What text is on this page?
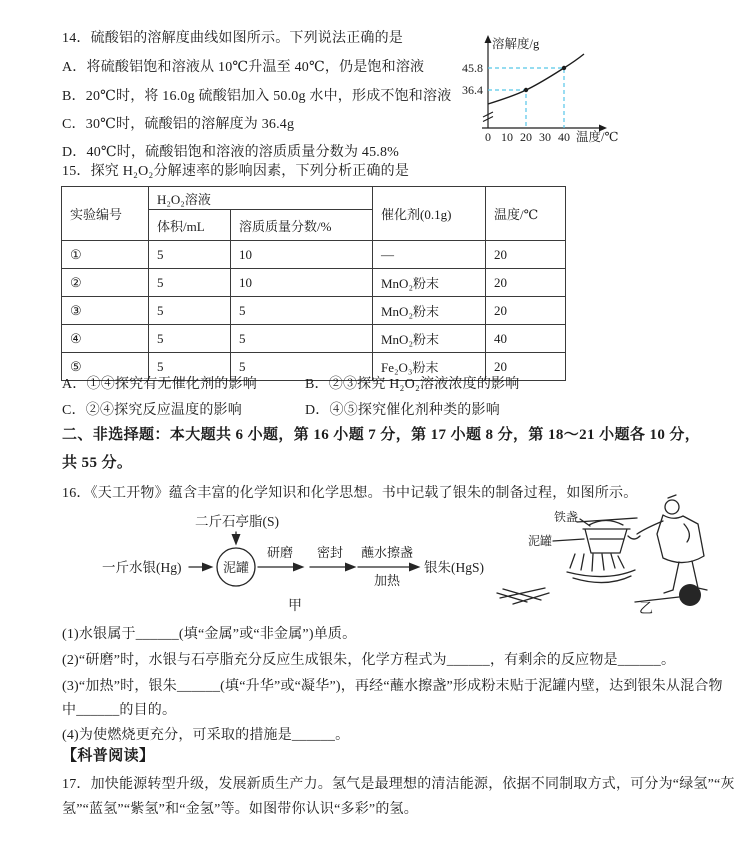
14．硫酸铝的溶解度曲线如图所示。下列说法正确的是
A．将硫酸铝饱和溶液从 10℃升温至 40℃，仍是饱和溶液
B．20℃时，将 16.0g 硫酸铝加入 50.0g 水中，形成不饱和溶液
C．30℃时，硫酸铝的溶解度为 36.4g
D．40℃时，硫酸铝饱和溶液的溶质质量分数为 45.8%
溶解度/g
45.8
36.4
0 10 20 30 40 温度/℃
15．探究 H₂O₂分解速率的影响因素，下列分析正确的是
实验编号	H₂O₂溶液		催化剂(0.1g)	温度/℃
	体积/mL	溶质质量分数/%		
①	5	10	—	20
②	5	10	MnO₂粉末	20
③	5	5	MnO₂粉末	20
④	5	5	MnO₂粉末	40
⑤	5	5	Fe₂O₃粉末	20
A．①④探究有无催化剂的影响	B．②③探究 H₂O₂溶液浓度的影响
C．②④探究反应温度的影响	D．④⑤探究催化剂种类的影响
二、非选择题：本大题共 6 小题，第 16 小题 7 分，第 17 小题 8 分，第 18～21 小题各 10 分，
共 55 分。
16．《天工开物》蕴含丰富的化学知识和化学思想。书中记载了银朱的制备过程，如图所示。
二斤石亭脂(S)
一斤水银(Hg)	泥罐
研磨 密封 蘸水擦盏
加热
银朱(HgS)
甲
铁盏
泥罐
乙
(1)水银属于______(填“金属”或“非金属”)单质。
(2)“研磨”时，水银与石亭脂充分反应生成银朱，化学方程式为______，有剩余的反应物是______。
(3)“加热”时，银朱______(填“升华”或“凝华”)，再经“蘸水擦盏”形成粉末贴于泥罐内壁，达到银朱从混合物
中______的目的。
(4)为使燃烧更充分，可采取的措施是______。
【科普阅读】
17．加快能源转型升级，发展新质生产力。氢气是最理想的清洁能源，依据不同制取方式，可分为“绿氢”“灰
氢”“蓝氢”“紫氢”和“金氢”等。如图带你认识“多彩”的氢。
